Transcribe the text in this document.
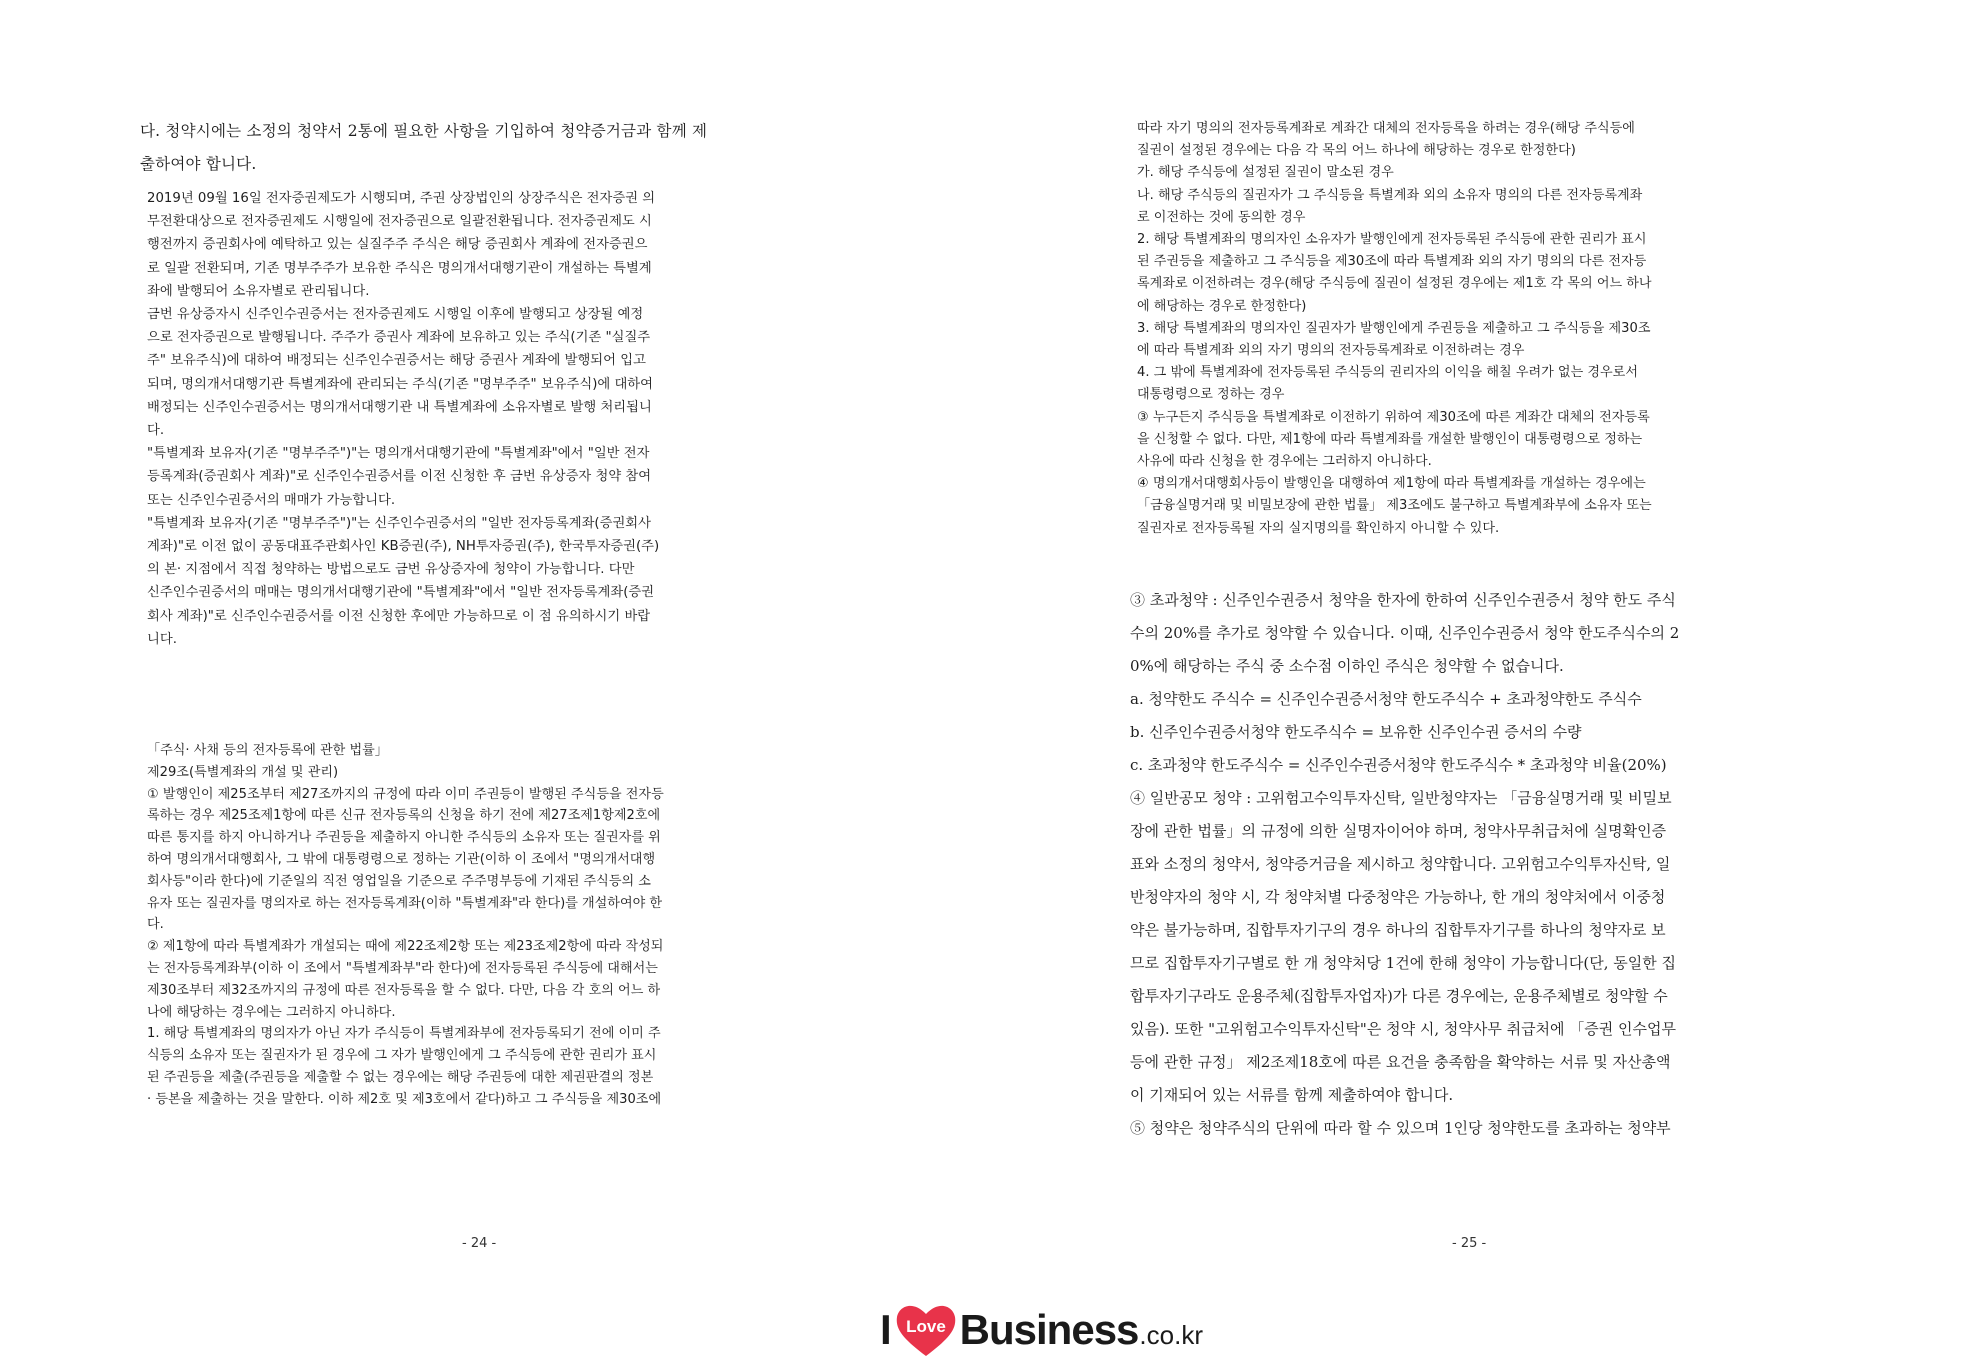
다. 청약시에는 소정의 청약서 2통에 필요한 사항을 기입하여 청약증거금과 함께 제
출하여야 합니다.
2019년 09월 16일 전자증권제도가 시행되며, 주권 상장법인의 상장주식은 전자증권 의
무전환대상으로 전자증권제도 시행일에 전자증권으로 일괄전환됩니다. 전자증권제도 시
행전까지 증권회사에 예탁하고 있는 실질주주 주식은 해당 증권회사 계좌에 전자증권으
로 일괄 전환되며, 기존 명부주주가 보유한 주식은 명의개서대행기관이 개설하는 특별계
좌에 발행되어 소유자별로 관리됩니다.
금번 유상증자시 신주인수권증서는 전자증권제도 시행일 이후에 발행되고 상장될 예정
으로 전자증권으로 발행됩니다. 주주가 증권사 계좌에 보유하고 있는 주식(기존 "실질주
주" 보유주식)에 대하여 배정되는 신주인수권증서는 해당 증권사 계좌에 발행되어 입고
되며, 명의개서대행기관 특별계좌에 관리되는 주식(기존 "명부주주" 보유주식)에 대하여
배정되는 신주인수권증서는 명의개서대행기관 내 특별계좌에 소유자별로 발행 처리됩니
다.
"특별계좌 보유자(기존 "명부주주")"는 명의개서대행기관에 "특별계좌"에서 "일반 전자
등록계좌(증권회사 계좌)"로 신주인수권증서를 이전 신청한 후 금번 유상증자 청약 참여
또는 신주인수권증서의 매매가 가능합니다.
"특별계좌 보유자(기존 "명부주주")"는 신주인수권증서의 "일반 전자등록계좌(증권회사
계좌)"로 이전 없이 공동대표주관회사인 KB증권(주), NH투자증권(주), 한국투자증권(주)
의 본· 지점에서 직접 청약하는 방법으로도 금번 유상증자에 청약이 가능합니다. 다만
신주인수권증서의 매매는 명의개서대행기관에 "특별계좌"에서 "일반 전자등록계좌(증권
회사 계좌)"로 신주인수권증서를 이전 신청한 후에만 가능하므로 이 점 유의하시기 바랍
니다.
「주식· 사채 등의 전자등록에 관한 법률」
제29조(특별계좌의 개설 및 관리)
① 발행인이 제25조부터 제27조까지의 규정에 따라 이미 주권등이 발행된 주식등을 전자등
록하는 경우 제25조제1항에 따른 신규 전자등록의 신청을 하기 전에 제27조제1항제2호에
따른 통지를 하지 아니하거나 주권등을 제출하지 아니한 주식등의 소유자 또는 질권자를 위
하여 명의개서대행회사, 그 밖에 대통령령으로 정하는 기관(이하 이 조에서 "명의개서대행
회사등"이라 한다)에 기준일의 직전 영업일을 기준으로 주주명부등에 기재된 주식등의 소
유자 또는 질권자를 명의자로 하는 전자등록계좌(이하 "특별계좌"라 한다)를 개설하여야 한
다.
② 제1항에 따라 특별계좌가 개설되는 때에 제22조제2항 또는 제23조제2항에 따라 작성되
는 전자등록계좌부(이하 이 조에서 "특별계좌부"라 한다)에 전자등록된 주식등에 대해서는
제30조부터 제32조까지의 규정에 따른 전자등록을 할 수 없다. 다만, 다음 각 호의 어느 하
나에 해당하는 경우에는 그러하지 아니하다.
1. 해당 특별계좌의 명의자가 아닌 자가 주식등이 특별계좌부에 전자등록되기 전에 이미 주
식등의 소유자 또는 질권자가 된 경우에 그 자가 발행인에게 그 주식등에 관한 권리가 표시
된 주권등을 제출(주권등을 제출할 수 없는 경우에는 해당 주권등에 대한 제권판결의 정본
· 등본을 제출하는 것을 말한다. 이하 제2호 및 제3호에서 같다)하고 그 주식등을 제30조에
- 24 -
따라 자기 명의의 전자등록계좌로 계좌간 대체의 전자등록을 하려는 경우(해당 주식등에
질권이 설정된 경우에는 다음 각 목의 어느 하나에 해당하는 경우로 한정한다)
가. 해당 주식등에 설정된 질권이 말소된 경우
나. 해당 주식등의 질권자가 그 주식등을 특별계좌 외의 소유자 명의의 다른 전자등록계좌
로 이전하는 것에 동의한 경우
2. 해당 특별계좌의 명의자인 소유자가 발행인에게 전자등록된 주식등에 관한 권리가 표시
된 주권등을 제출하고 그 주식등을 제30조에 따라 특별계좌 외의 자기 명의의 다른 전자등
록계좌로 이전하려는 경우(해당 주식등에 질권이 설정된 경우에는 제1호 각 목의 어느 하나
에 해당하는 경우로 한정한다)
3. 해당 특별계좌의 명의자인 질권자가 발행인에게 주권등을 제출하고 그 주식등을 제30조
에 따라 특별계좌 외의 자기 명의의 전자등록계좌로 이전하려는 경우
4. 그 밖에 특별계좌에 전자등록된 주식등의 권리자의 이익을 해칠 우려가 없는 경우로서
대통령령으로 정하는 경우
③ 누구든지 주식등을 특별계좌로 이전하기 위하여 제30조에 따른 계좌간 대체의 전자등록
을 신청할 수 없다. 다만, 제1항에 따라 특별계좌를 개설한 발행인이 대통령령으로 정하는
사유에 따라 신청을 한 경우에는 그러하지 아니하다.
④ 명의개서대행회사등이 발행인을 대행하여 제1항에 따라 특별계좌를 개설하는 경우에는
「금융실명거래 및 비밀보장에 관한 법률」 제3조에도 불구하고 특별계좌부에 소유자 또는
질권자로 전자등록될 자의 실지명의를 확인하지 아니할 수 있다.
③ 초과청약 : 신주인수권증서 청약을 한자에 한하여 신주인수권증서 청약 한도 주식
수의 20%를 추가로 청약할 수 있습니다. 이때, 신주인수권증서 청약 한도주식수의 2
0%에 해당하는 주식 중 소수점 이하인 주식은 청약할 수 없습니다.
a. 청약한도 주식수 = 신주인수권증서청약 한도주식수 + 초과청약한도 주식수
b. 신주인수권증서청약 한도주식수 = 보유한 신주인수권 증서의 수량
c. 초과청약 한도주식수 = 신주인수권증서청약 한도주식수 * 초과청약 비율(20%)
④ 일반공모 청약 : 고위험고수익투자신탁, 일반청약자는 「금융실명거래 및 비밀보
장에 관한 법률」의 규정에 의한 실명자이어야 하며, 청약사무취급처에 실명확인증
표와 소정의 청약서, 청약증거금을 제시하고 청약합니다. 고위험고수익투자신탁, 일
반청약자의 청약 시, 각 청약처별 다중청약은 가능하나, 한 개의 청약처에서 이중청
약은 불가능하며, 집합투자기구의 경우 하나의 집합투자기구를 하나의 청약자로 보
므로 집합투자기구별로 한 개 청약처당 1건에 한해 청약이 가능합니다(단, 동일한 집
합투자기구라도 운용주체(집합투자업자)가 다른 경우에는, 운용주체별로 청약할 수
있음). 또한 "고위험고수익투자신탁"은 청약 시, 청약사무 취급처에 「증권 인수업무
등에 관한 규정」 제2조제18호에 따른 요건을 충족함을 확약하는 서류 및 자산총액
이 기재되어 있는 서류를 함께 제출하여야 합니다.
⑤ 청약은 청약주식의 단위에 따라 할 수 있으며 1인당 청약한도를 초과하는 청약부
- 25 -
I Love Business .co.kr
